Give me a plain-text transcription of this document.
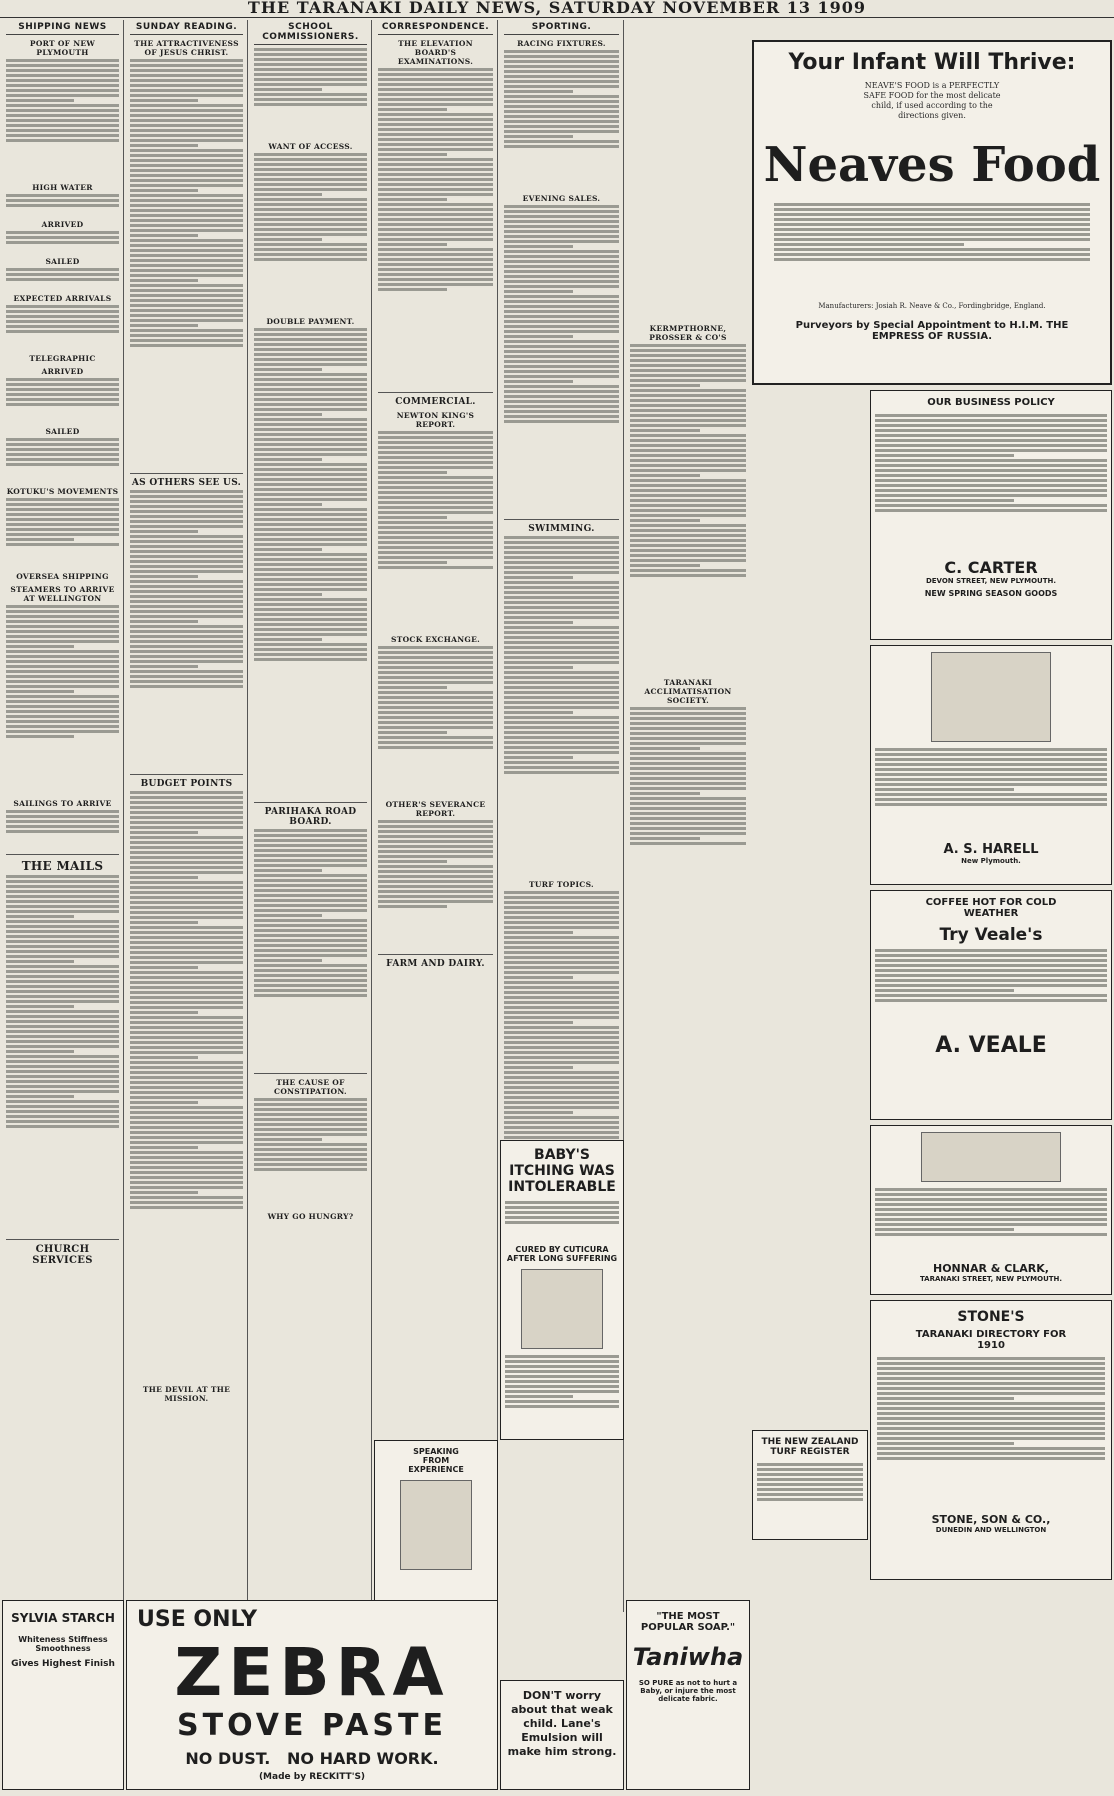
THE TARANAKI DAILY NEWS, SATURDAY NOVEMBER 13 1909
SHIPPING NEWS
PORT OF NEW PLYMOUTH
HIGH WATER
ARRIVED
SAILED
EXPECTED ARRIVALS
TELEGRAPHIC
ARRIVED
SAILED
KOTUKU'S MOVEMENTS
OVERSEA SHIPPING
STEAMERS TO ARRIVE AT WELLINGTON
SAILINGS TO ARRIVE
THE MAILS
CHURCH SERVICES
SUNDAY READING.
THE ATTRACTIVENESS OF JESUS CHRIST.
AS OTHERS SEE US.
BUDGET POINTS
THE DEVIL AT THE MISSION.
SCHOOL COMMISSIONERS.
WANT OF ACCESS.
DOUBLE PAYMENT.
PARIHAKA ROAD BOARD.
THE CAUSE OF CONSTIPATION.
WHY GO HUNGRY?
CORRESPONDENCE.
THE ELEVATION BOARD'S EXAMINATIONS.
COMMERCIAL.
NEWTON KING'S REPORT.
STOCK EXCHANGE.
OTHER'S SEVERANCE REPORT.
FARM AND DAIRY.
SPORTING.
RACING FIXTURES.
EVENING SALES.
SWIMMING.
TURF TOPICS.
KERMPTHORNE, PROSSER & CO'S
TARANAKI ACCLIMATISATION SOCIETY.
Your Infant Will Thrive:
NEAVE'S FOOD is a PERFECTLY SAFE FOOD for the most delicate child, if used according to the directions given.
Neaves Food
Manufacturers: Josiah R. Neave & Co., Fordingbridge, England.
Purveyors by Special Appointment to H.I.M. THE EMPRESS OF RUSSIA.
OUR BUSINESS POLICY
C. CARTER
DEVON STREET, NEW PLYMOUTH.
NEW SPRING SEASON GOODS
A. S. HARELL
New Plymouth.
COFFEE HOT FOR COLD WEATHER
Try Veale's
A. VEALE
HONNAR & CLARK,
TARANAKI STREET, NEW PLYMOUTH.
STONE'S
TARANAKI DIRECTORY FOR 1910
STONE, SON & CO.,
DUNEDIN AND WELLINGTON
THE NEW ZEALAND TURF REGISTER
BABY'S ITCHING WAS INTOLERABLE
CURED BY CUTICURA AFTER LONG SUFFERING
SPEAKING FROM EXPERIENCE
USE ONLY
ZEBRA
STOVE PASTE
NO DUST.   NO HARD WORK.
(Made by RECKITT'S)
SYLVIA STARCH
Whiteness Stiffness Smoothness
Gives Highest Finish
DON'T worry about that weak child. Lane's Emulsion will make him strong.
"THE MOST POPULAR SOAP."
Taniwha
SO PURE as not to hurt a Baby, or injure the most delicate fabric.
